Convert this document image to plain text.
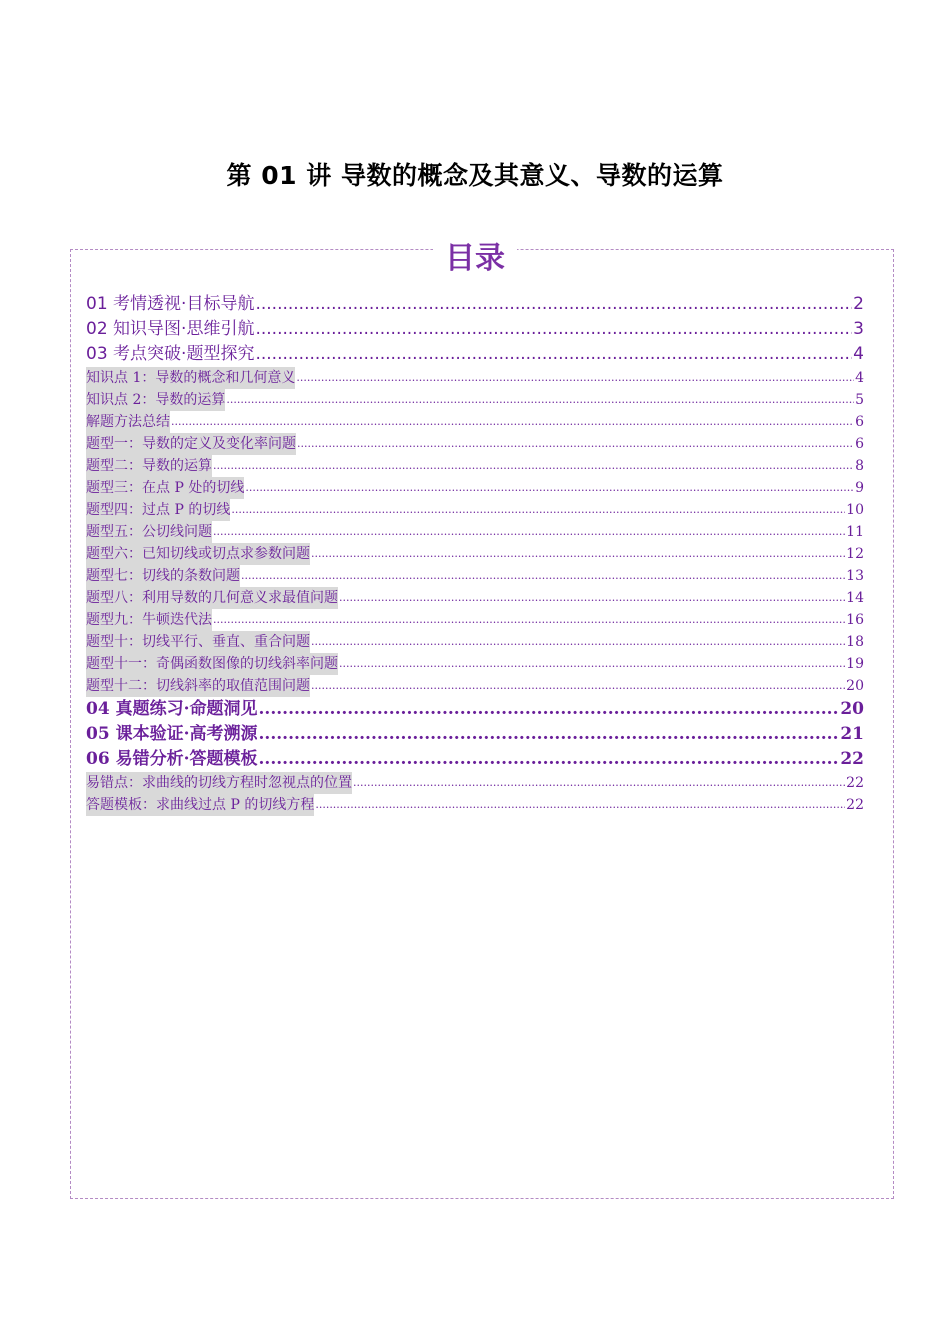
第 01 讲 导数的概念及其意义、导数的运算
目录
01 考情透视·目标导航 .....	2
02 知识导图·思维引航 .....	3
03 考点突破·题型探究 .....	4
知识点 1：导数的概念和几何意义 .....	4
知识点 2：导数的运算 .....	5
解题方法总结 .....	6
题型一：导数的定义及变化率问题 .....	6
题型二：导数的运算 .....	8
题型三：在点 P 处的切线 .....	9
题型四：过点 P 的切线 .....	10
题型五：公切线问题 .....	11
题型六：已知切线或切点求参数问题 .....	12
题型七：切线的条数问题 .....	13
题型八：利用导数的几何意义求最值问题 .....	14
题型九：牛顿迭代法 .....	16
题型十：切线平行、垂直、重合问题 .....	18
题型十一：奇偶函数图像的切线斜率问题 .....	19
题型十二：切线斜率的取值范围问题 .....	20
04 真题练习·命题洞见 .....	20
05 课本验证·高考溯源 .....	21
06 易错分析·答题模板 .....	22
易错点：求曲线的切线方程时忽视点的位置 .....	22
答题模板：求曲线过点 P 的切线方程 .....	22
